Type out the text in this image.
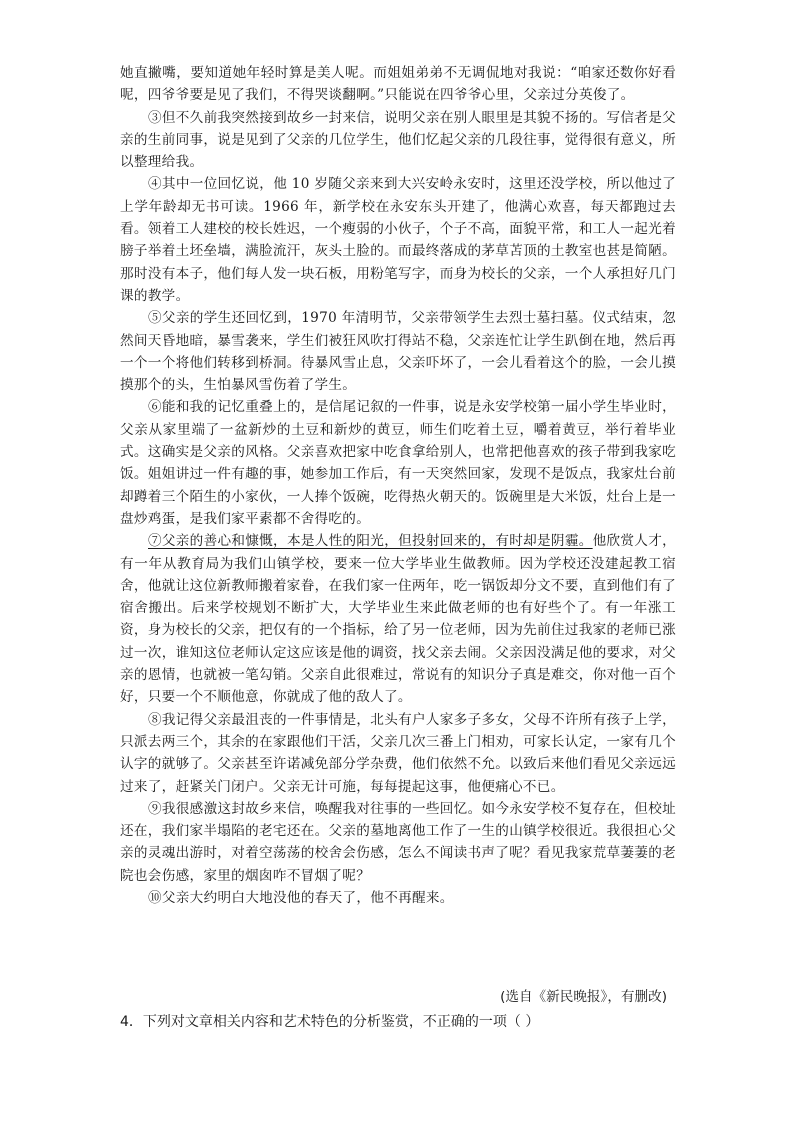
她直撇嘴，要知道她年轻时算是美人呢。而姐姐弟弟不无调侃地对我说：“咱家还数你好看呢，四爷爷要是见了我们，不得哭谈翻啊。”只能说在四爷爷心里，父亲过分英俊了。

③但不久前我突然接到故乡一封来信，说明父亲在别人眼里是其貌不扬的。写信者是父亲的生前同事，说是见到了父亲的几位学生，他们忆起父亲的几段往事，觉得很有意义，所以整理给我。

④其中一位回忆说，他 10 岁随父亲来到大兴安岭永安时，这里还没学校，所以他过了上学年龄却无书可读。1966 年，新学校在永安东头开建了，他满心欢喜，每天都跑过去看。领着工人建校的校长姓迟，一个瘦弱的小伙子，个子不高，面貌平常，和工人一起光着膀子举着土坯垒墙，满脸流汗，灰头土脸的。而最终落成的茅草苫顶的土教室也甚是简陋。那时没有本子，他们每人发一块石板，用粉笔写字，而身为校长的父亲，一个人承担好几门课的教学。

⑤父亲的学生还回忆到，1970 年清明节，父亲带领学生去烈士墓扫墓。仪式结束，忽然间天昏地暗，暴雪袭来，学生们被狂风吹打得站不稳，父亲连忙让学生趴倒在地，然后再一个一个将他们转移到桥洞。待暴风雪止息，父亲吓坏了，一会儿看着这个的脸，一会儿摸摸那个的头，生怕暴风雪伤着了学生。

⑥能和我的记忆重叠上的，是信尾记叙的一件事，说是永安学校第一届小学生毕业时，父亲从家里端了一盆新炒的土豆和新炒的黄豆，师生们吃着土豆，嚼着黄豆，举行着毕业式。这确实是父亲的风格。父亲喜欢把家中吃食拿给别人，也常把他喜欢的孩子带到我家吃饭。姐姐讲过一件有趣的事，她参加工作后，有一天突然回家，发现不是饭点，我家灶台前却蹲着三个陌生的小家伙，一人捧个饭碗，吃得热火朝天的。饭碗里是大米饭，灶台上是一盘炒鸡蛋，是我们家平素都不舍得吃的。

⑦父亲的善心和慷慨，本是人性的阳光，但投射回来的，有时却是阴霾。他欣赏人才，有一年从教育局为我们山镇学校，要来一位大学毕业生做教师。因为学校还没建起教工宿舍，他就让这位新教师搬着家眷，在我们家一住两年，吃一锅饭却分文不要，直到他们有了宿舍搬出。后来学校规划不断扩大，大学毕业生来此做老师的也有好些个了。有一年涨工资，身为校长的父亲，把仅有的一个指标，给了另一位老师，因为先前住过我家的老师已涨过一次，谁知这位老师认定这应该是他的调资，找父亲去闹。父亲因没满足他的要求，对父亲的恩情，也就被一笔勾销。父亲自此很难过，常说有的知识分子真是难交，你对他一百个好，只要一个不顺他意，你就成了他的敌人了。

⑧我记得父亲最沮丧的一件事情是，北头有户人家多子多女，父母不许所有孩子上学，只派去两三个，其余的在家跟他们干活，父亲几次三番上门相劝，可家长认定，一家有几个认字的就够了。父亲甚至许诺减免部分学杂费，他们依然不允。以致后来他们看见父亲远远过来了，赶紧关门闭户。父亲无计可施，每每提起这事，他便痛心不已。

⑨我很感激这封故乡来信，唤醒我对往事的一些回忆。如今永安学校不复存在，但校址还在，我们家半塌陷的老宅还在。父亲的墓地离他工作了一生的山镇学校很近。我很担心父亲的灵魂出游时，对着空荡荡的校舍会伤感，怎么不闻读书声了呢？看见我家荒草萋萋的老院也会伤感，家里的烟囱咋不冒烟了呢？

⑩父亲大约明白大地没他的春天了，他不再醒来。

(选自《新民晚报》，有删改)
4．下列对文章相关内容和艺术特色的分析鉴赏，不正确的一项（ ）
